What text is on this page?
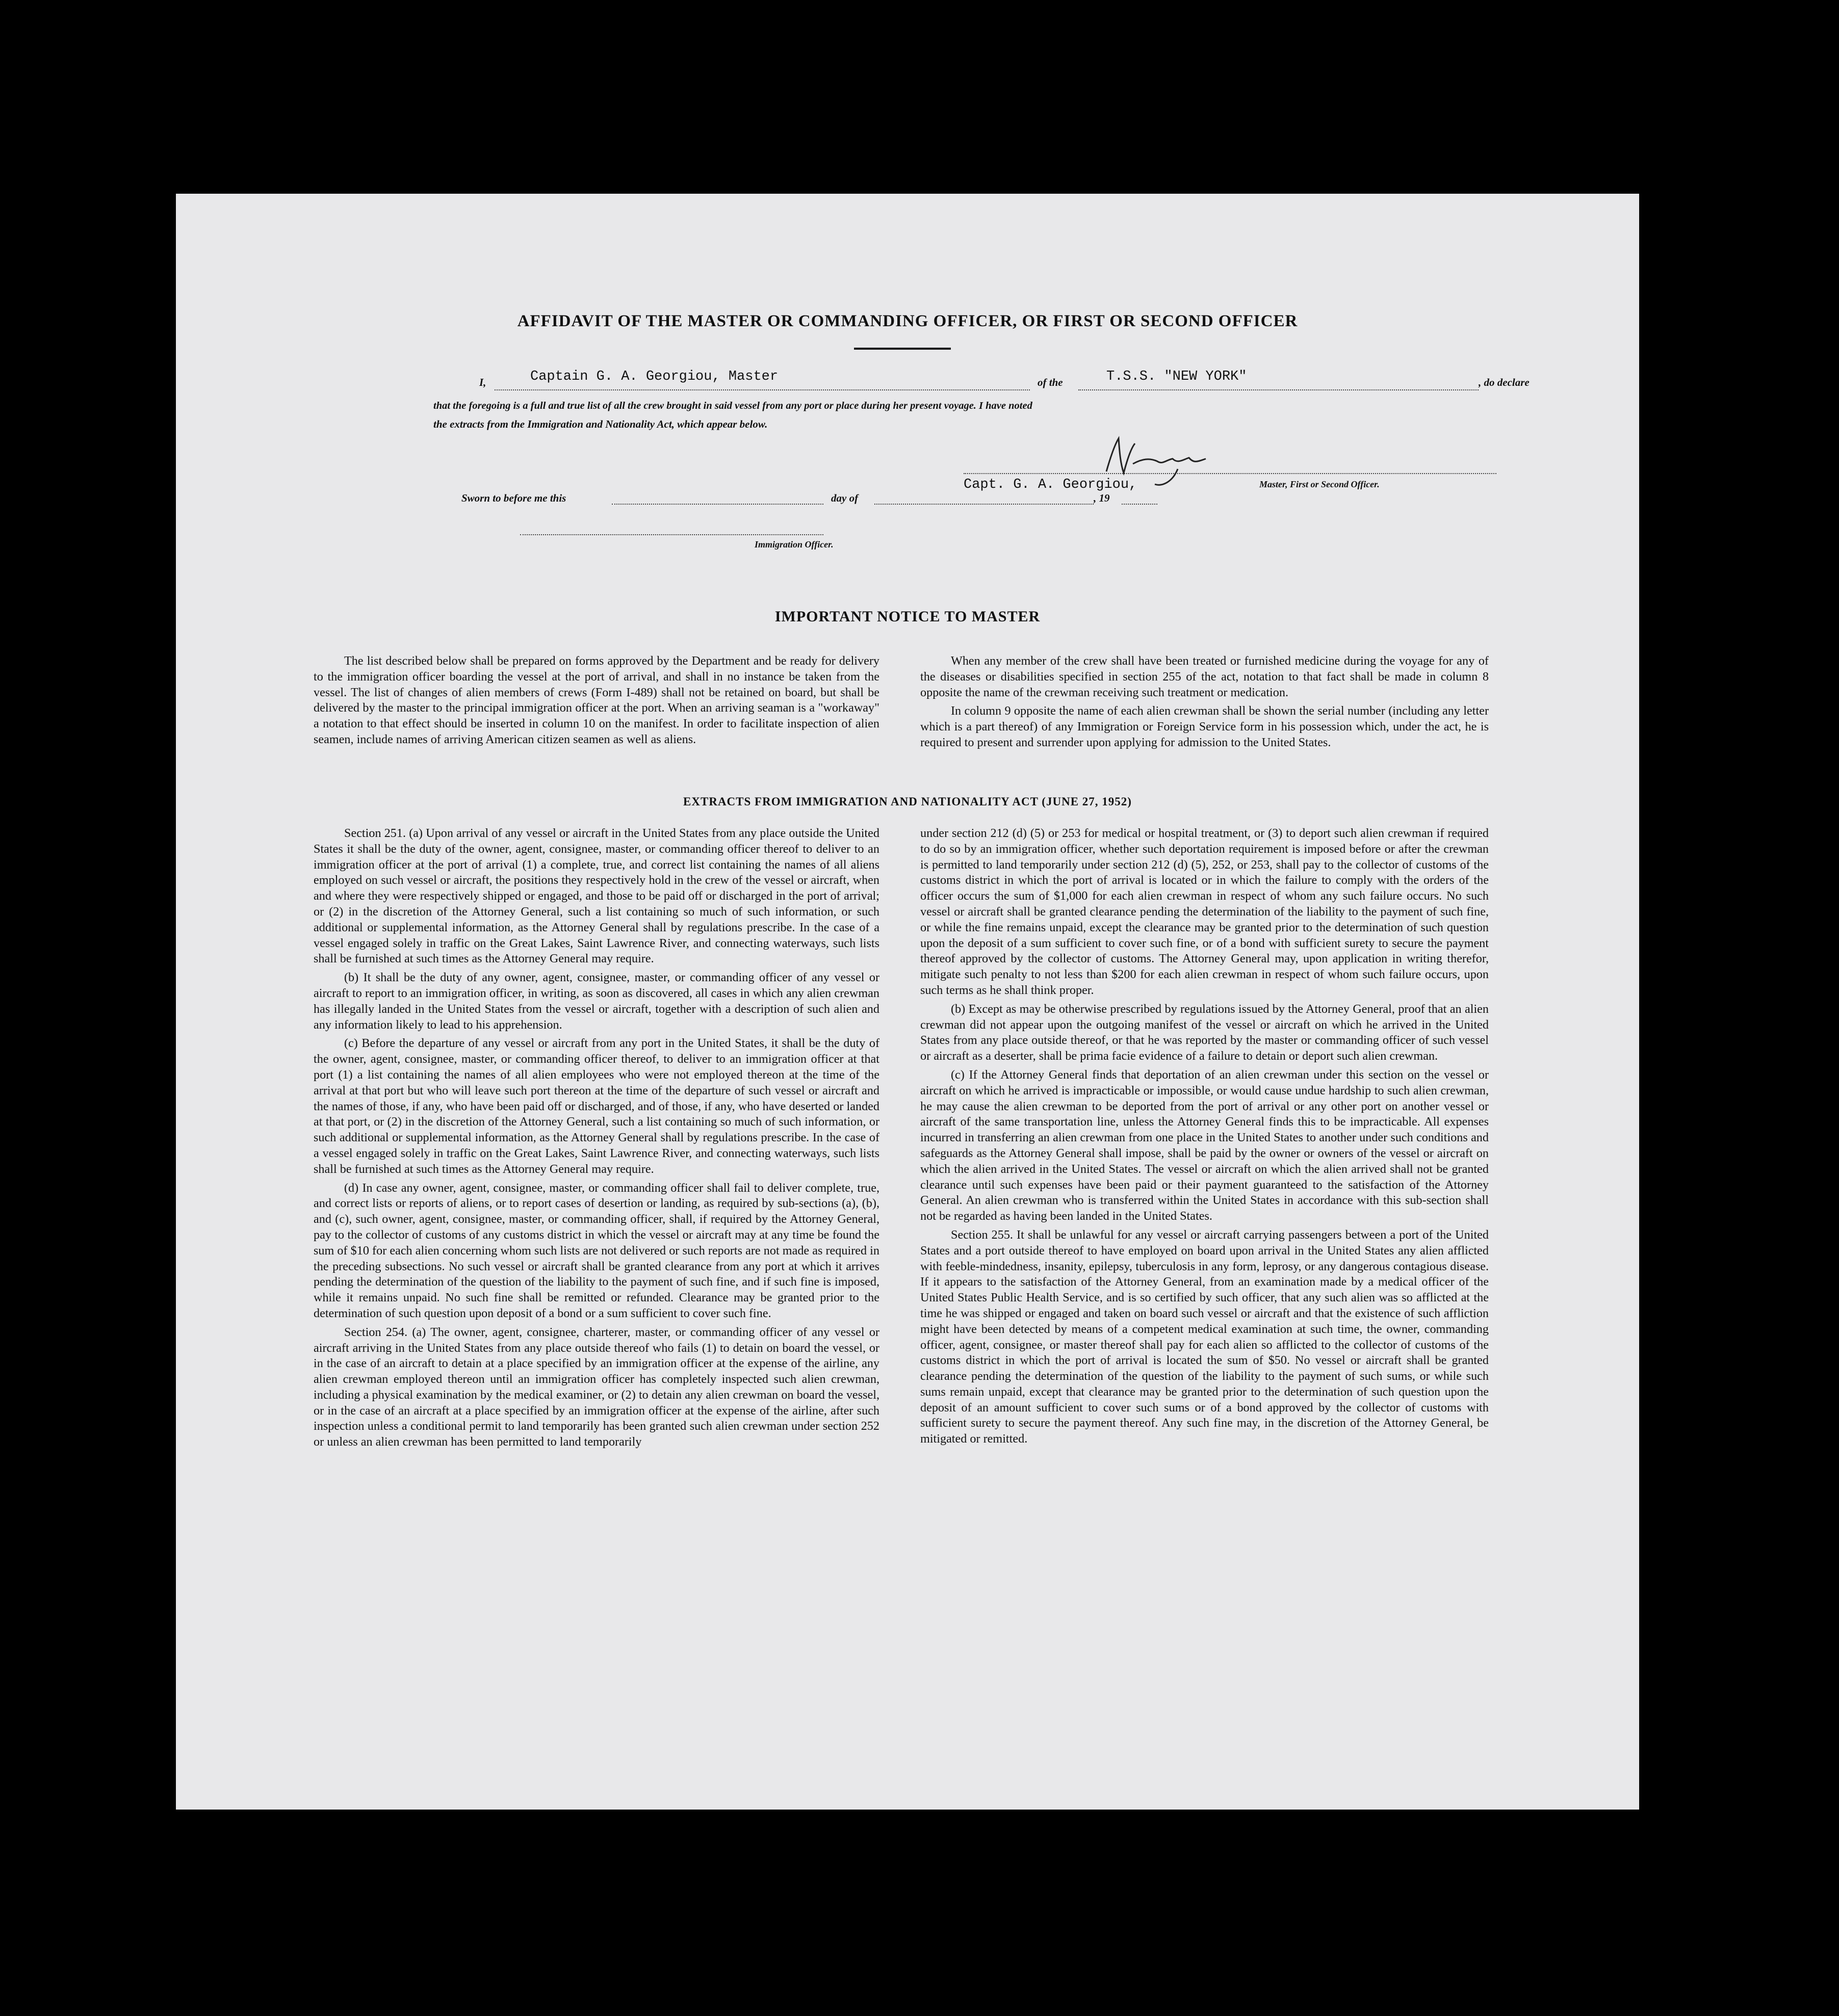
AFFIDAVIT OF THE MASTER OR COMMANDING OFFICER, OR FIRST OR SECOND OFFICER
I,	Captain G. A. Georgiou, Master	of the	T.S.S. "NEW YORK"	, do declare
that the foregoing is a full and true list of all the crew brought in said vessel from any port or place during her present voyage. I have noted
the extracts from the Immigration and Nationality Act, which appear below.
Capt. G. A. Georgiou,	Master, First or Second Officer.
Sworn to before me this	day of	, 19
Immigration Officer.
IMPORTANT NOTICE TO MASTER

The list described below shall be prepared on forms approved by the Department and be ready for delivery to the immigration officer boarding the vessel at the port of arrival, and shall in no instance be taken from the vessel. The list of changes of alien members of crews (Form I-489) shall not be retained on board, but shall be delivered by the master to the principal immigration officer at the port. When an arriving seaman is a "workaway" a notation to that effect should be inserted in column 10 on the manifest. In order to facilitate inspection of alien seamen, include names of arriving American citizen seamen as well as aliens.

When any member of the crew shall have been treated or furnished medicine during the voyage for any of the diseases or disabilities specified in section 255 of the act, notation to that fact shall be made in column 8 opposite the name of the crewman receiving such treatment or medication.

In column 9 opposite the name of each alien crewman shall be shown the serial number (including any letter which is a part thereof) of any Immigration or Foreign Service form in his possession which, under the act, he is required to present and surrender upon applying for admission to the United States.

EXTRACTS FROM IMMIGRATION AND NATIONALITY ACT (JUNE 27, 1952)

Section 251. (a) Upon arrival of any vessel or aircraft in the United States from any place outside the United States it shall be the duty of the owner, agent, consignee, master, or commanding officer thereof to deliver to an immigration officer at the port of arrival (1) a complete, true, and correct list containing the names of all aliens employed on such vessel or aircraft, the positions they respectively hold in the crew of the vessel or aircraft, when and where they were respectively shipped or engaged, and those to be paid off or discharged in the port of arrival; or (2) in the discretion of the Attorney General, such a list containing so much of such information, or such additional or supplemental information, as the Attorney General shall by regulations prescribe. In the case of a vessel engaged solely in traffic on the Great Lakes, Saint Lawrence River, and connecting waterways, such lists shall be furnished at such times as the Attorney General may require.

(b) It shall be the duty of any owner, agent, consignee, master, or commanding officer of any vessel or aircraft to report to an immigration officer, in writing, as soon as discovered, all cases in which any alien crewman has illegally landed in the United States from the vessel or aircraft, together with a description of such alien and any information likely to lead to his apprehension.

(c) Before the departure of any vessel or aircraft from any port in the United States, it shall be the duty of the owner, agent, consignee, master, or commanding officer thereof, to deliver to an immigration officer at that port (1) a list containing the names of all alien employees who were not employed thereon at the time of the arrival at that port but who will leave such port thereon at the time of the departure of such vessel or aircraft and the names of those, if any, who have been paid off or discharged, and of those, if any, who have deserted or landed at that port, or (2) in the discretion of the Attorney General, such a list containing so much of such information, or such additional or supplemental information, as the Attorney General shall by regulations prescribe. In the case of a vessel engaged solely in traffic on the Great Lakes, Saint Lawrence River, and connecting waterways, such lists shall be furnished at such times as the Attorney General may require.

(d) In case any owner, agent, consignee, master, or commanding officer shall fail to deliver complete, true, and correct lists or reports of aliens, or to report cases of desertion or landing, as required by sub-sections (a), (b), and (c), such owner, agent, consignee, master, or commanding officer, shall, if required by the Attorney General, pay to the collector of customs of any customs district in which the vessel or aircraft may at any time be found the sum of $10 for each alien concerning whom such lists are not delivered or such reports are not made as required in the preceding subsections. No such vessel or aircraft shall be granted clearance from any port at which it arrives pending the determination of the question of the liability to the payment of such fine, and if such fine is imposed, while it remains unpaid. No such fine shall be remitted or refunded. Clearance may be granted prior to the determination of such question upon deposit of a bond or a sum sufficient to cover such fine.

Section 254. (a) The owner, agent, consignee, charterer, master, or commanding officer of any vessel or aircraft arriving in the United States from any place outside thereof who fails (1) to detain on board the vessel, or in the case of an aircraft to detain at a place specified by an immigration officer at the expense of the airline, any alien crewman employed thereon until an immigration officer has completely inspected such alien crewman, including a physical examination by the medical examiner, or (2) to detain any alien crewman on board the vessel, or in the case of an aircraft at a place specified by an immigration officer at the expense of the airline, after such inspection unless a conditional permit to land temporarily has been granted such alien crewman under section 252 or unless an alien crewman has been permitted to land temporarily

under section 212 (d) (5) or 253 for medical or hospital treatment, or (3) to deport such alien crewman if required to do so by an immigration officer, whether such deportation requirement is imposed before or after the crewman is permitted to land temporarily under section 212 (d) (5), 252, or 253, shall pay to the collector of customs of the customs district in which the port of arrival is located or in which the failure to comply with the orders of the officer occurs the sum of $1,000 for each alien crewman in respect of whom any such failure occurs. No such vessel or aircraft shall be granted clearance pending the determination of the liability to the payment of such fine, or while the fine remains unpaid, except the clearance may be granted prior to the determination of such question upon the deposit of a sum sufficient to cover such fine, or of a bond with sufficient surety to secure the payment thereof approved by the collector of customs. The Attorney General may, upon application in writing therefor, mitigate such penalty to not less than $200 for each alien crewman in respect of whom such failure occurs, upon such terms as he shall think proper.

(b) Except as may be otherwise prescribed by regulations issued by the Attorney General, proof that an alien crewman did not appear upon the outgoing manifest of the vessel or aircraft on which he arrived in the United States from any place outside thereof, or that he was reported by the master or commanding officer of such vessel or aircraft as a deserter, shall be prima facie evidence of a failure to detain or deport such alien crewman.

(c) If the Attorney General finds that deportation of an alien crewman under this section on the vessel or aircraft on which he arrived is impracticable or impossible, or would cause undue hardship to such alien crewman, he may cause the alien crewman to be deported from the port of arrival or any other port on another vessel or aircraft of the same transportation line, unless the Attorney General finds this to be impracticable. All expenses incurred in transferring an alien crewman from one place in the United States to another under such conditions and safeguards as the Attorney General shall impose, shall be paid by the owner or owners of the vessel or aircraft on which the alien arrived in the United States. The vessel or aircraft on which the alien arrived shall not be granted clearance until such expenses have been paid or their payment guaranteed to the satisfaction of the Attorney General. An alien crewman who is transferred within the United States in accordance with this sub-section shall not be regarded as having been landed in the United States.

Section 255. It shall be unlawful for any vessel or aircraft carrying passengers between a port of the United States and a port outside thereof to have employed on board upon arrival in the United States any alien afflicted with feeble-mindedness, insanity, epilepsy, tuberculosis in any form, leprosy, or any dangerous contagious disease. If it appears to the satisfaction of the Attorney General, from an examination made by a medical officer of the United States Public Health Service, and is so certified by such officer, that any such alien was so afflicted at the time he was shipped or engaged and taken on board such vessel or aircraft and that the existence of such affliction might have been detected by means of a competent medical examination at such time, the owner, commanding officer, agent, consignee, or master thereof shall pay for each alien so afflicted to the collector of customs of the customs district in which the port of arrival is located the sum of $50. No vessel or aircraft shall be granted clearance pending the determination of the question of the liability to the payment of such sums, or while such sums remain unpaid, except that clearance may be granted prior to the determination of such question upon the deposit of an amount sufficient to cover such sums or of a bond approved by the collector of customs with sufficient surety to secure the payment thereof. Any such fine may, in the discretion of the Attorney General, be mitigated or remitted.
